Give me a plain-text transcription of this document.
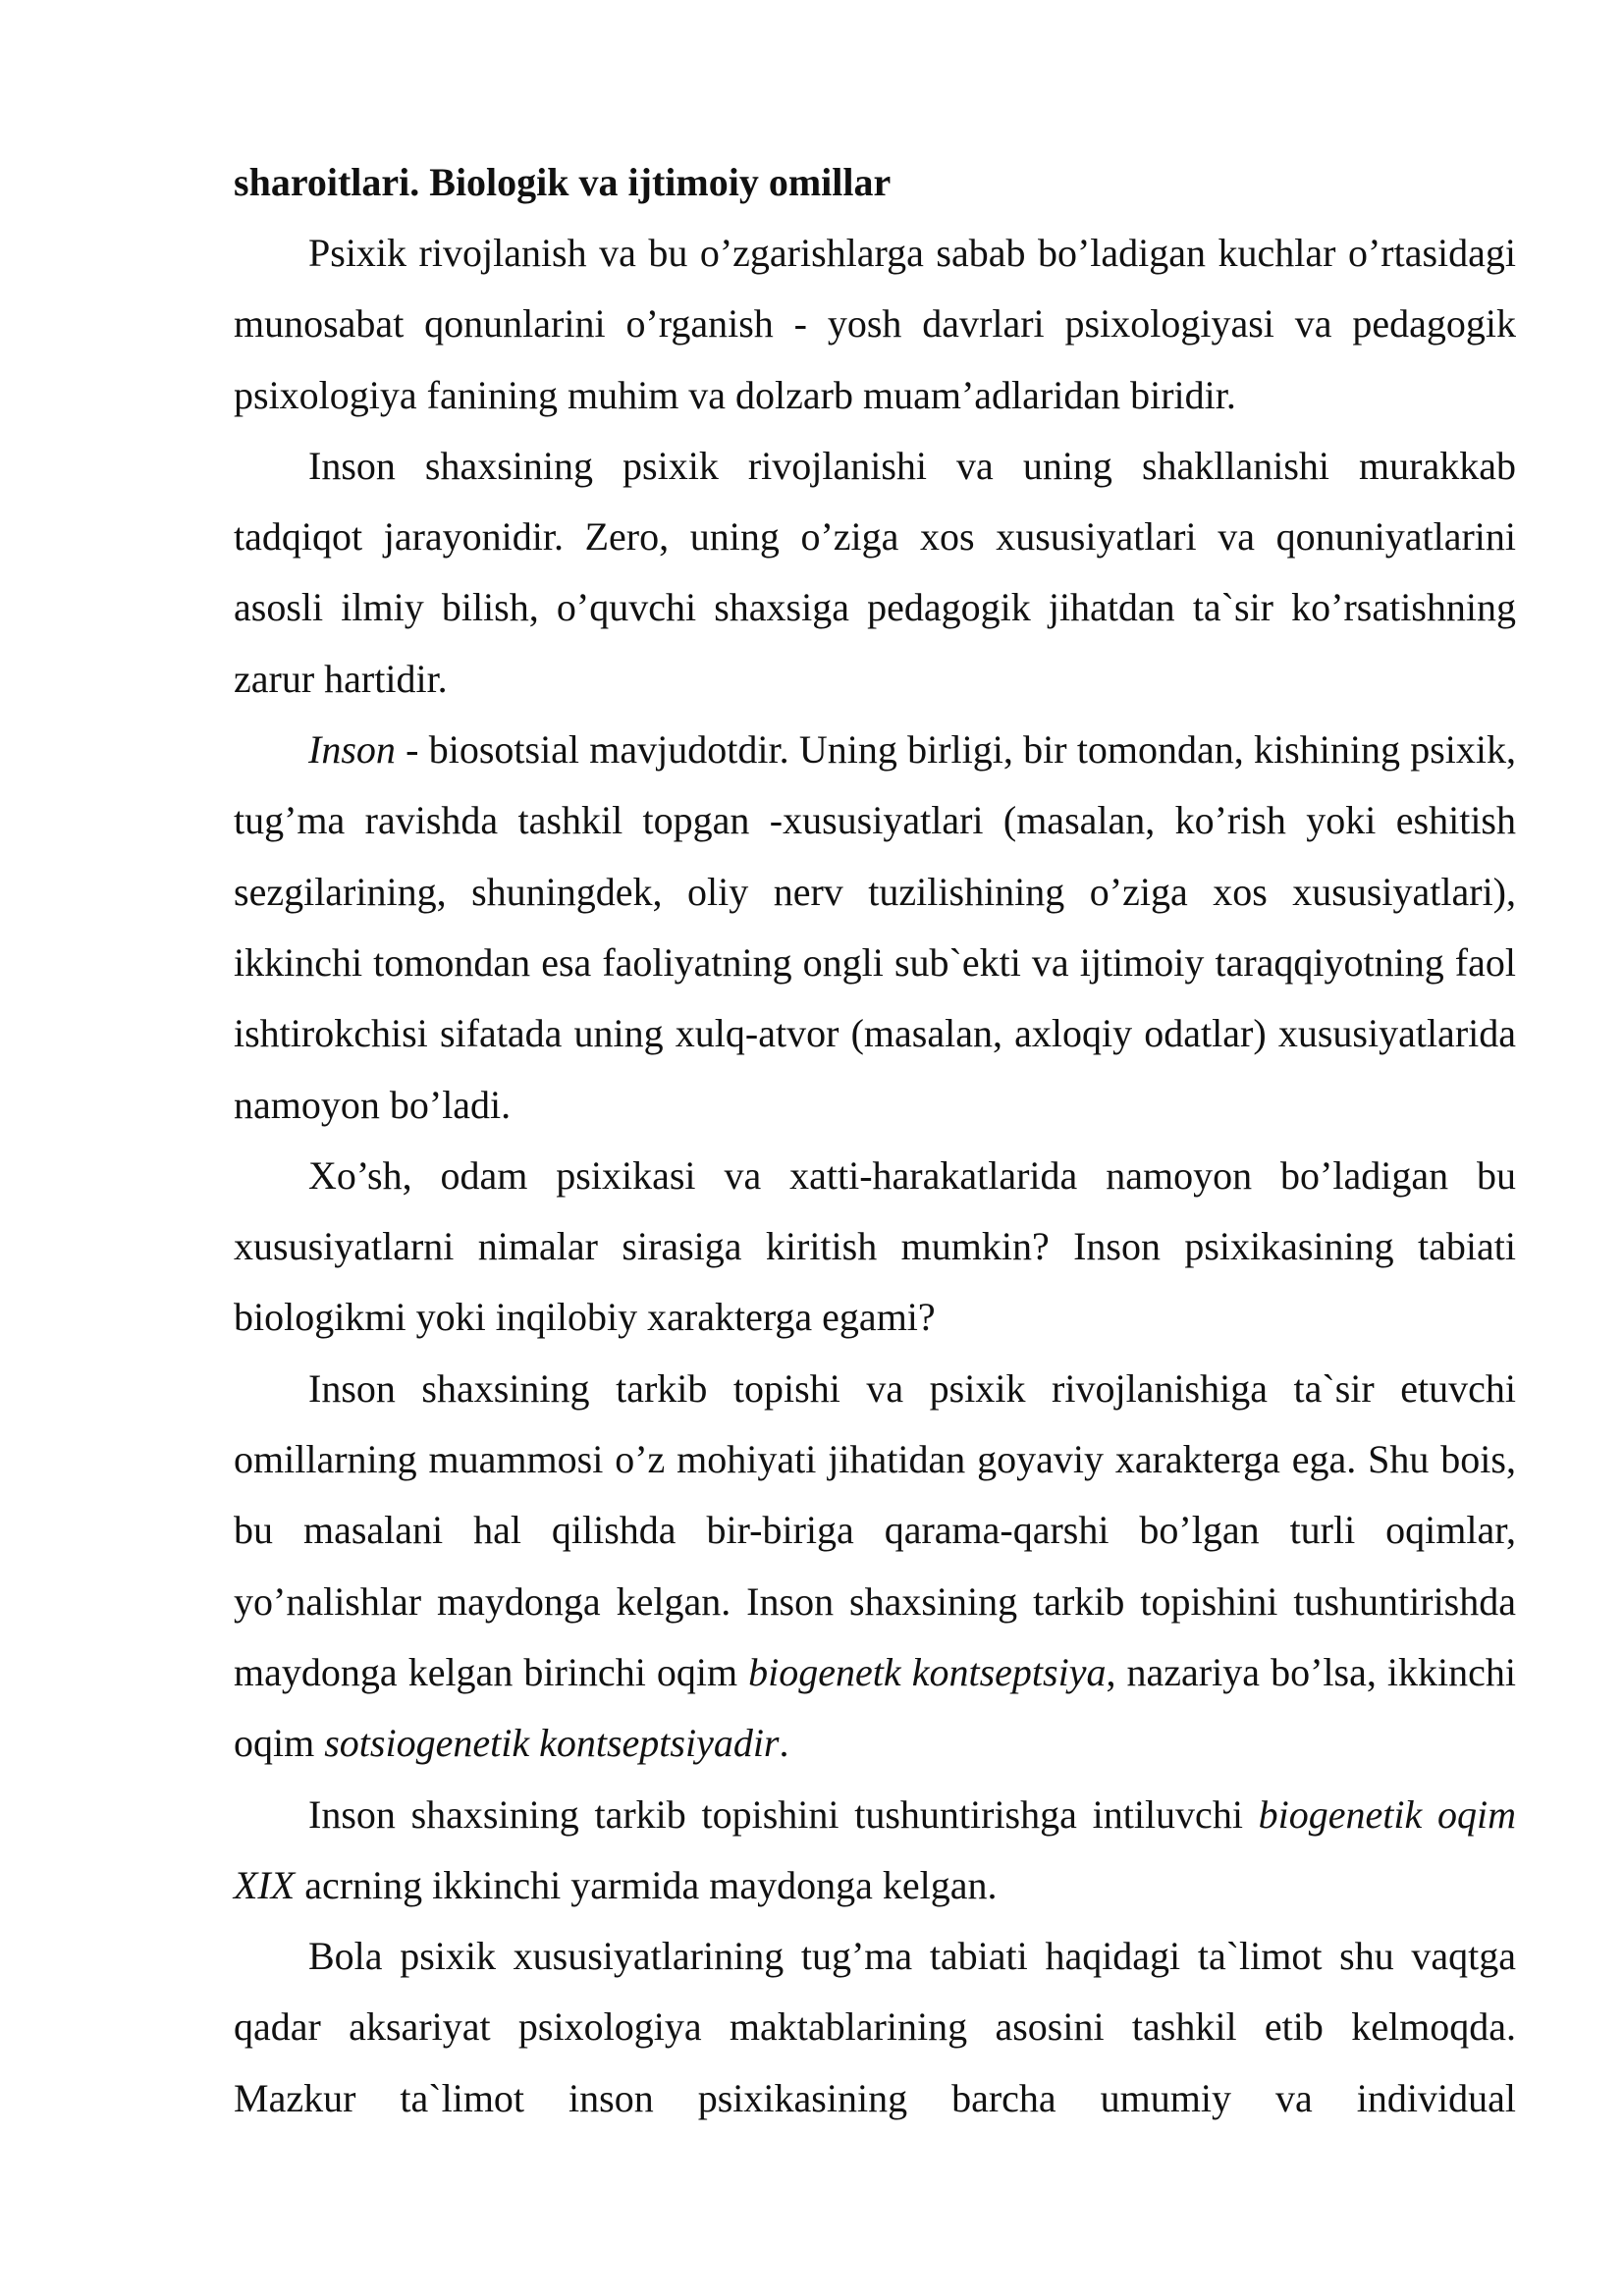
sharoitlari. Biologik va ijtimoiy omillar

Psixik rivojlanish va bu o’zgarishlarga sabab bo’ladigan kuchlar o’rtasidagi munosabat qonunlarini o’rganish - yosh davrlari psixologiyasi va pedagogik psixologiya fanining muhim va dolzarb muam’adlaridan biridir.

Inson shaxsining psixik rivojlanishi va uning shakllanishi murakkab tadqiqot jarayonidir. Zero, uning o’ziga xos xususiyatlari va qonuniyatlarini asosli ilmiy bilish, o’quvchi shaxsiga pedagogik jihatdan ta`sir ko’rsatishning zarur hartidir.

Inson - biosotsial mavjudotdir. Uning birligi, bir tomondan, kishining psixik, tug’ma ravishda tashkil topgan -xususiyatlari (masalan, ko’rish yoki eshitish sezgilarining, shuningdek, oliy nerv tuzilishining o’ziga xos xususiyatlari), ikkinchi tomondan esa faoliyatning ongli sub`ekti va ijtimoiy taraqqiyotning faol ishtirokchisi sifatada uning xulq-atvor (masalan, axloqiy odatlar) xususiyatlarida namoyon bo’ladi.

Xo’sh, odam psixikasi va xatti-harakatlarida namoyon bo’ladigan bu xususiyatlarni nimalar sirasiga kiritish mumkin? Inson psixikasining tabiati biologikmi yoki inqilobiy xarakterga egami?

Inson shaxsining tarkib topishi va psixik rivojlanishiga ta`sir etuvchi omillarning muammosi o’z mohiyati jihatidan goyaviy xarakterga ega. Shu bois, bu masalani hal qilishda bir-biriga qarama-qarshi bo’lgan turli oqimlar, yo’nalishlar maydonga kelgan. Inson shaxsining tarkib topishini tushuntirishda maydonga kelgan birinchi oqim biogenetk kontseptsiya, nazariya bo’lsa, ikkinchi oqim sotsiogenetik kontseptsiyadir.

Inson shaxsining tarkib topishini tushuntirishga intiluvchi biogenetik oqim XIX acrning ikkinchi yarmida maydonga kelgan.

Bola psixik xususiyatlarining tug’ma tabiati haqidagi ta`limot shu vaqtga qadar aksariyat psixologiya maktablarining asosini tashkil etib kelmoqda. Mazkur ta`limot inson psixikasining barcha umumiy va individual
